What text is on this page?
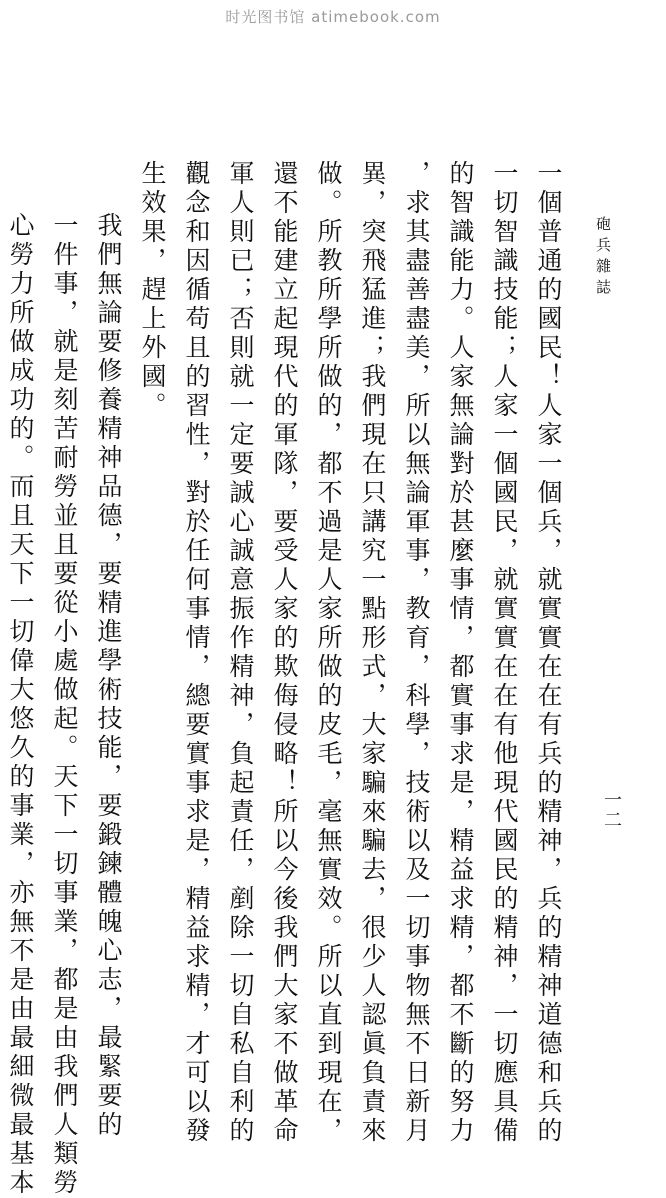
时光图书馆 atimebook.com
砲兵雜誌
一二

一個普通的國民！人家一個兵，就實實在在有兵的精神，兵的精神道德和兵的
一切智識技能；人家一個國民，就實實在在有他現代國民的精神，一切應具備
的智識能力。人家無論對於甚麼事情，都實事求是，精益求精，都不斷的努力
，求其盡善盡美，所以無論軍事，教育，科學，技術以及一切事物無不日新月
異，突飛猛進；我們現在只講究一點形式，大家騙來騙去，很少人認眞負責來
做。所教所學所做的，都不過是人家所做的皮毛，毫無實效。所以直到現在，
還不能建立起現代的軍隊，要受人家的欺侮侵略！所以今後我們大家不做革命
軍人則已；否則就一定要誠心誠意振作精神，負起責任，剷除一切自私自利的
觀念和因循苟且的習性，對於任何事情，總要實事求是，精益求精，才可以發
生效果，趕上外國。

我們無論要修養精神品德，要精進學術技能，要鍛鍊體魄心志，最緊要的
一件事，就是刻苦耐勞並且要從小處做起。天下一切事業，都是由我們人類勞
心勞力所做成功的。而且天下一切偉大悠久的事業，亦無不是由最細微最基本
